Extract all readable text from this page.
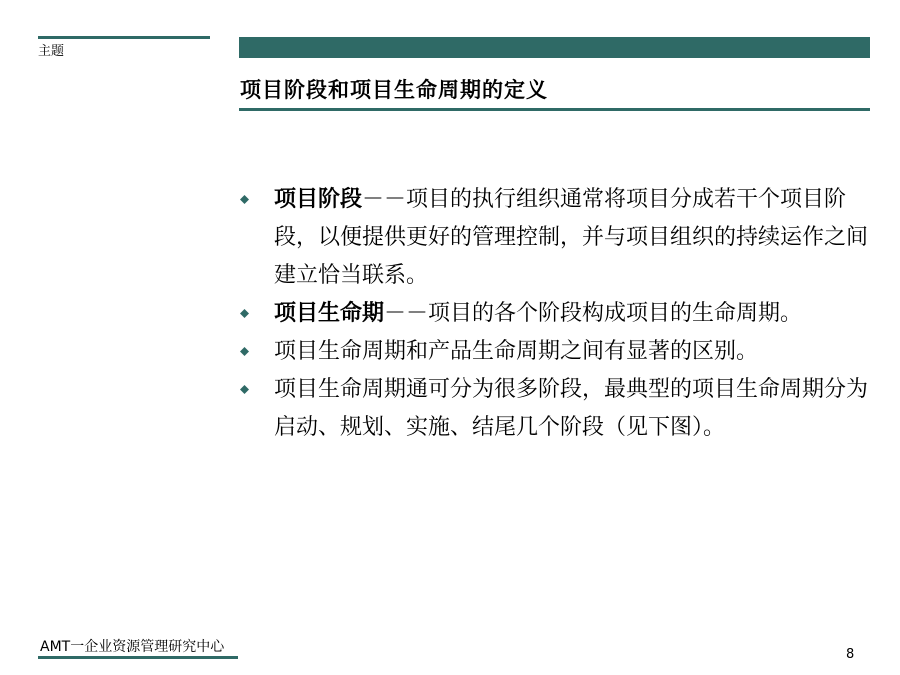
主题
项目阶段和项目生命周期的定义
项目阶段－－项目的执行组织通常将项目分成若干个项目阶段，以便提供更好的管理控制，并与项目组织的持续运作之间建立恰当联系。
项目生命期－－项目的各个阶段构成项目的生命周期。
项目生命周期和产品生命周期之间有显著的区别。
项目生命周期通可分为很多阶段，最典型的项目生命周期分为启动、规划、实施、结尾几个阶段（见下图）。
AMT一企业资源管理研究中心	8
